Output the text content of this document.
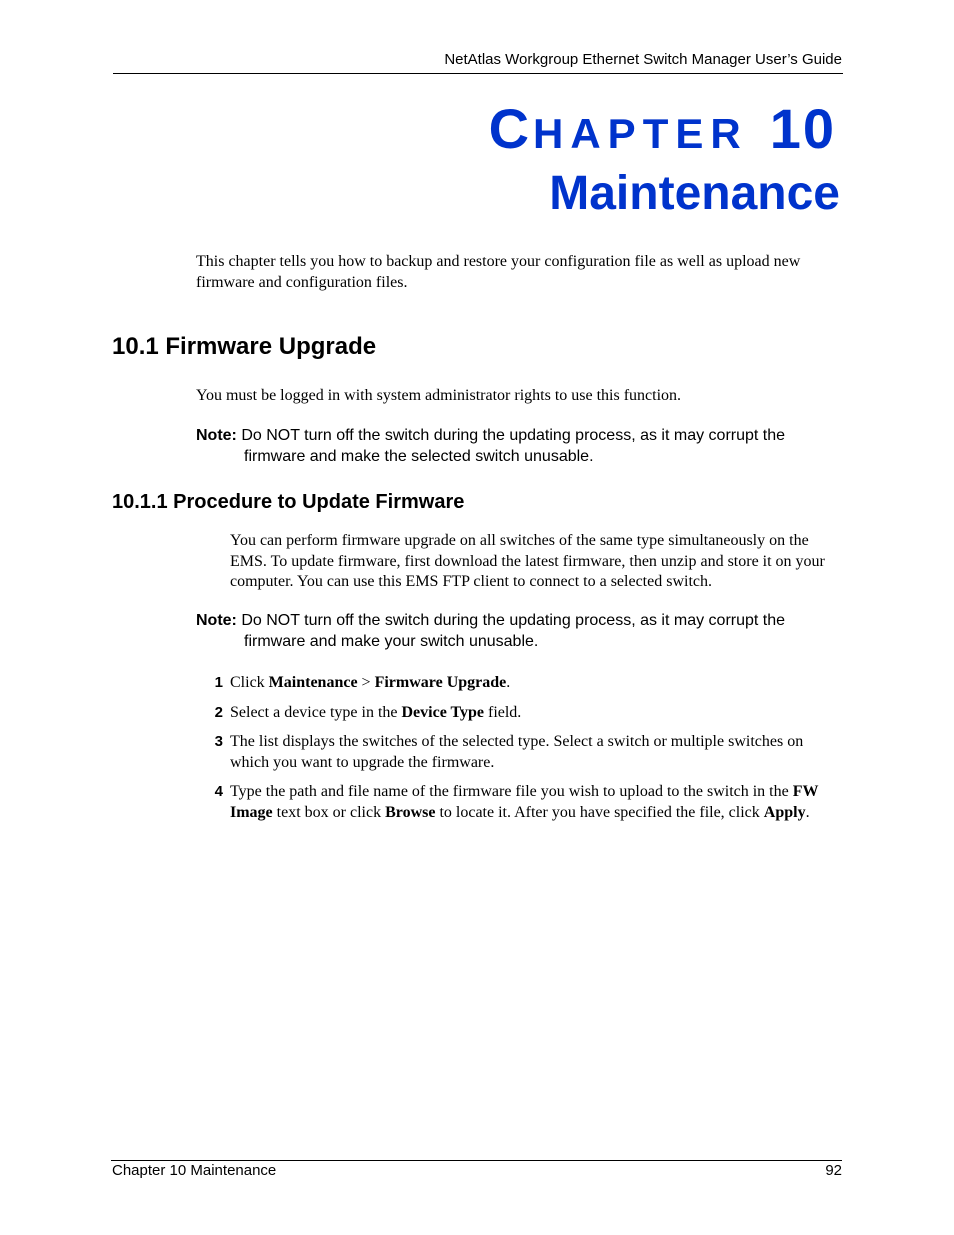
NetAtlas Workgroup Ethernet Switch Manager User’s Guide
CHAPTER 10
Maintenance
This chapter tells you how to backup and restore your configuration file as well as upload new firmware and configuration files.
10.1 Firmware Upgrade
You must be logged in with system administrator rights to use this function.
Note: Do NOT turn off the switch during the updating process, as it may corrupt the firmware and make the selected switch unusable.
10.1.1 Procedure to Update Firmware
You can perform firmware upgrade on all switches of the same type simultaneously on the EMS. To update firmware, first download the latest firmware, then unzip and store it on your computer. You can use this EMS FTP client to connect to a selected switch.
Note: Do NOT turn off the switch during the updating process, as it may corrupt the firmware and make your switch unusable.
1 Click Maintenance > Firmware Upgrade.
2 Select a device type in the Device Type field.
3 The list displays the switches of the selected type. Select a switch or multiple switches on which you want to upgrade the firmware.
4 Type the path and file name of the firmware file you wish to upload to the switch in the FW Image text box or click Browse to locate it. After you have specified the file, click Apply.
Chapter 10 Maintenance	92
